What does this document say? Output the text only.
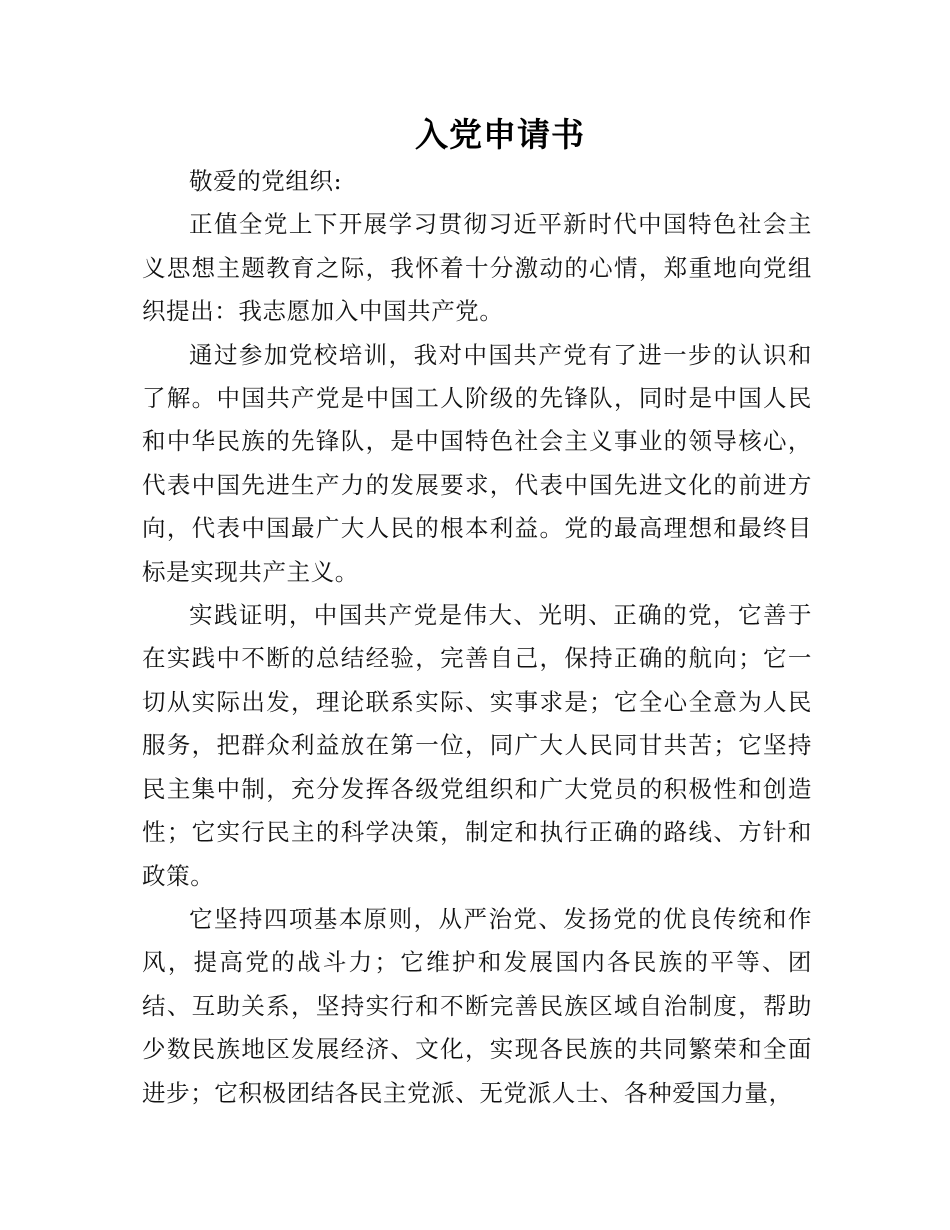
入党申请书

敬爱的党组织:

正值全党上下开展学习贯彻习近平新时代中国特色社会主义思想主题教育之际，我怀着十分激动的心情，郑重地向党组织提出：我志愿加入中国共产党。

通过参加党校培训，我对中国共产党有了进一步的认识和了解。中国共产党是中国工人阶级的先锋队，同时是中国人民和中华民族的先锋队，是中国特色社会主义事业的领导核心，代表中国先进生产力的发展要求，代表中国先进文化的前进方向，代表中国最广大人民的根本利益。党的最高理想和最终目标是实现共产主义。

实践证明，中国共产党是伟大、光明、正确的党，它善于在实践中不断的总结经验，完善自己，保持正确的航向；它一切从实际出发，理论联系实际、实事求是；它全心全意为人民服务，把群众利益放在第一位，同广大人民同甘共苦；它坚持民主集中制，充分发挥各级党组织和广大党员的积极性和创造性；它实行民主的科学决策，制定和执行正确的路线、方针和政策。

它坚持四项基本原则，从严治党、发扬党的优良传统和作风，提高党的战斗力；它维护和发展国内各民族的平等、团结、互助关系，坚持实行和不断完善民族区域自治制度，帮助少数民族地区发展经济、文化，实现各民族的共同繁荣和全面进步；它积极团结各民主党派、无党派人士、各种爱国力量，
